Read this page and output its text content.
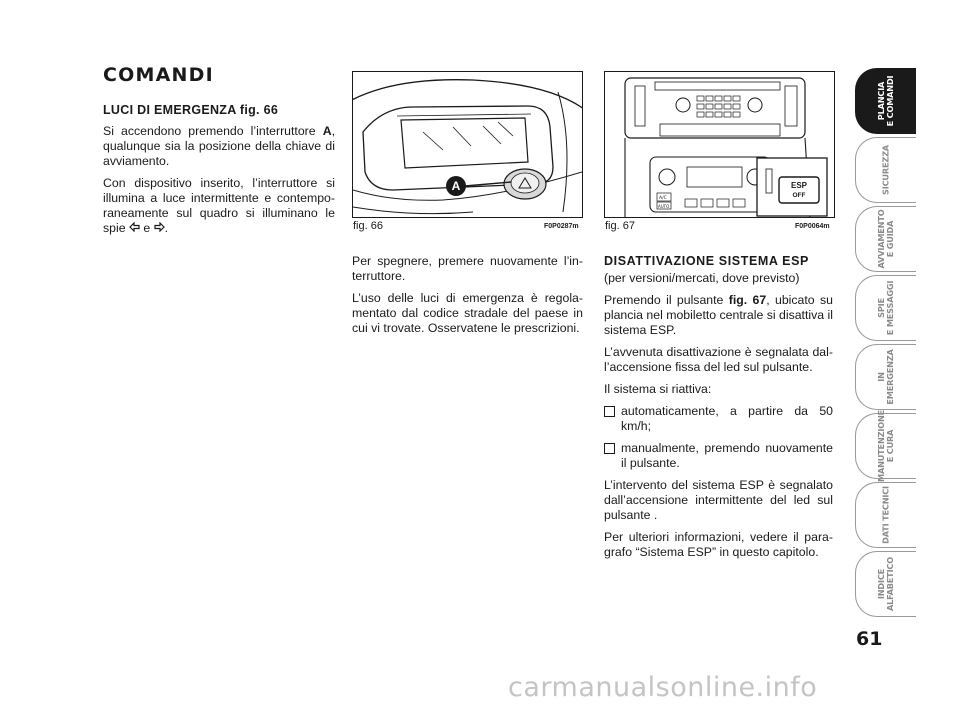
COMANDI
LUCI DI EMERGENZA fig. 66

Si accendono premendo l’interruttore A, qualunque sia la posizione della chiave di avviamento.

Con dispositivo inserito, l’interruttore si illumina a luce intermittente e contemporaneamente sul quadro si illuminano le spie  e .

A
fig. 66	F0P0287m
A/C
AUTO
ESP
OFF
fig. 67	F0P0064m

Per spegnere, premere nuovamente l’interruttore.

L’uso delle luci di emergenza è regolamentato dal codice stradale del paese in cui vi trovate. Osservatene le prescrizioni.

DISATTIVAZIONE SISTEMA ESP

(per versioni/mercati, dove previsto)

Premendo il pulsante fig. 67, ubicato su plancia nel mobiletto centrale si disattiva il sistema ESP.

L’avvenuta disattivazione è segnalata dall’accensione fissa del led sul pulsante.

Il sistema si riattiva:

automaticamente, a partire da 50 km/h;
manualmente, premendo nuovamente il pulsante.

L’intervento del sistema ESP è segnalato dall’accensione intermittente del led sul pulsante .

Per ulteriori informazioni, vedere il paragrafo “Sistema ESP” in questo capitolo.

PLANCIA
E COMANDI
SICUREZZA
AVVIAMENTO
E GUIDA
SPIE
E MESSAGGI
IN
EMERGENZA
MANUTENZIONE
E CURA
DATI TECNICI
INDICE
ALFABETICO
61
carmanualsonline.info
